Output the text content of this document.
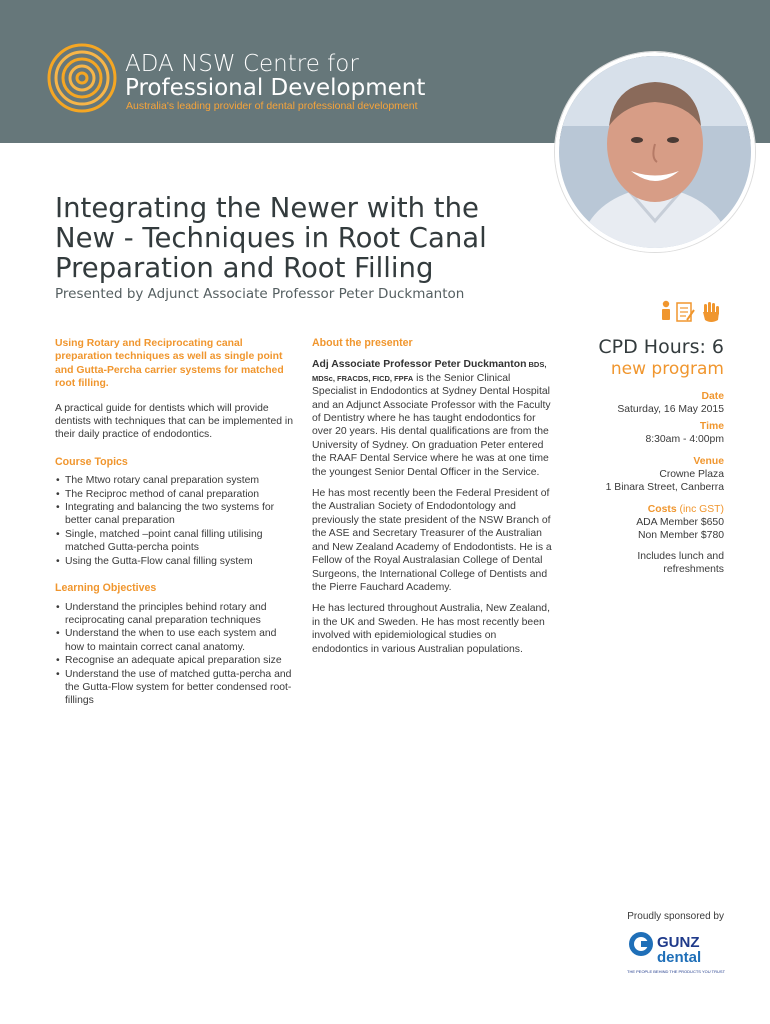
ADA NSW Centre for
Professional Development
Australia's leading provider of dental professional development
Integrating the Newer with the
New - Techniques in Root Canal
Preparation and Root Filling
Presented by Adjunct Associate Professor Peter Duckmanton
Using Rotary and Reciprocating canal preparation techniques as well as single point and Gutta-Percha carrier systems for matched root filling.
A practical guide for dentists which will provide dentists with techniques that can be implemented in their daily practice of endodontics.
Course Topics
• The Mtwo rotary canal preparation system
• The Reciproc method of canal preparation
• Integrating and balancing the two systems for better canal preparation
• Single, matched –point canal filling utilising matched Gutta-percha points
• Using the Gutta-Flow canal filling system
Learning Objectives
• Understand the principles behind rotary and reciprocating canal preparation techniques
• Understand the when to use each system and how to maintain correct canal anatomy.
• Recognise an adequate apical preparation size
• Understand the use of matched gutta-percha and the Gutta-Flow system for better condensed root-fillings
About the presenter
Adj Associate Professor Peter Duckmanton BDS, MDSc, FRACDS, FICD, FPFA is the Senior Clinical Specialist in Endodontics at Sydney Dental Hospital and an Adjunct Associate Professor with the Faculty of Dentistry where he has taught endodontics for over 20 years. His dental qualifications are from the University of Sydney. On graduation Peter entered the RAAF Dental Service where he was at one time the youngest Senior Dental Officer in the Service.
He has most recently been the Federal President of the Australian Society of Endodontology and previously the state president of the NSW Branch of the ASE and Secretary Treasurer of the Australian and New Zealand Academy of Endodontists. He is a Fellow of the Royal Australasian College of Dental Surgeons, the International College of Dentists and the Pierre Fauchard Academy.
He has lectured throughout Australia, New Zealand, in the UK and Sweden. He has most recently been involved with epidemiological studies on endodontics in various Australian populations.
CPD Hours: 6
new program
Date
Saturday, 16 May 2015
Time
8:30am - 4:00pm
Venue
Crowne Plaza
1 Binara Street, Canberra
Costs (inc GST)
ADA Member $650
Non Member $780
Includes lunch and
refreshments
Proudly sponsored by
GUNZ
dental
THE PEOPLE BEHIND THE PRODUCTS YOU TRUST
